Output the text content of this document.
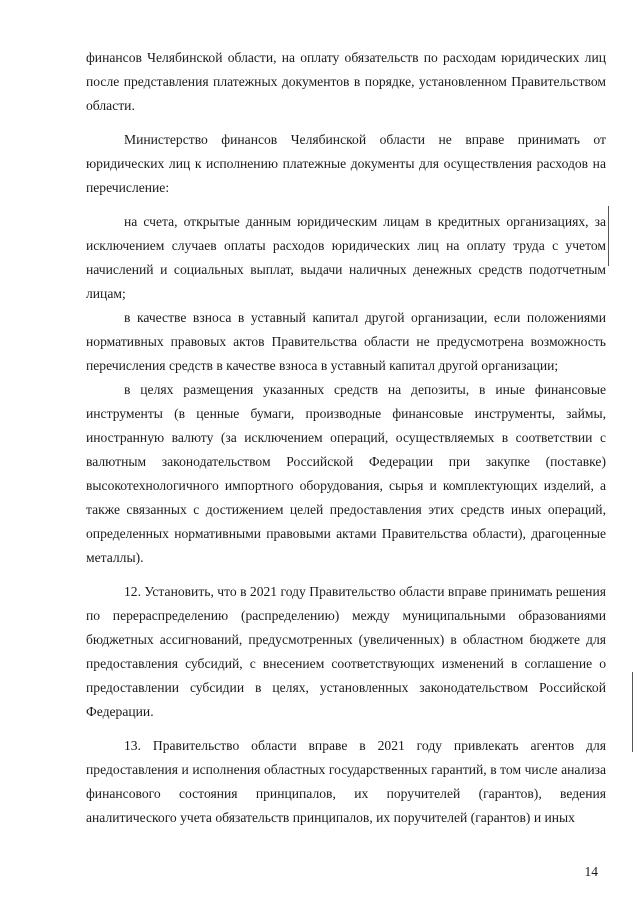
финансов Челябинской области, на оплату обязательств по расходам юридических лиц после представления платежных документов в порядке, установленном Правительством области.

Министерство финансов Челябинской области не вправе принимать от юридических лиц к исполнению платежные документы для осуществления расходов на перечисление:

на счета, открытые данным юридическим лицам в кредитных организациях, за исключением случаев оплаты расходов юридических лиц на оплату труда с учетом начислений и социальных выплат, выдачи наличных денежных средств подотчетным лицам;

в качестве взноса в уставный капитал другой организации, если положениями нормативных правовых актов Правительства области не предусмотрена возможность перечисления средств в качестве взноса в уставный капитал другой организации;

в целях размещения указанных средств на депозиты, в иные финансовые инструменты (в ценные бумаги, производные финансовые инструменты, займы, иностранную валюту (за исключением операций, осуществляемых в соответствии с валютным законодательством Российской Федерации при закупке (поставке) высокотехнологичного импортного оборудования, сырья и комплектующих изделий, а также связанных с достижением целей предоставления этих средств иных операций, определенных нормативными правовыми актами Правительства области), драгоценные металлы).

12. Установить, что в 2021 году Правительство области вправе принимать решения по перераспределению (распределению) между муниципальными образованиями бюджетных ассигнований, предусмотренных (увеличенных) в областном бюджете для предоставления субсидий, с внесением соответствующих изменений в соглашение о предоставлении субсидии в целях, установленных законодательством Российской Федерации.

13. Правительство области вправе в 2021 году привлекать агентов для предоставления и исполнения областных государственных гарантий, в том числе анализа финансового состояния принципалов, их поручителей (гарантов), ведения аналитического учета обязательств принципалов, их поручителей (гарантов) и иных

14
